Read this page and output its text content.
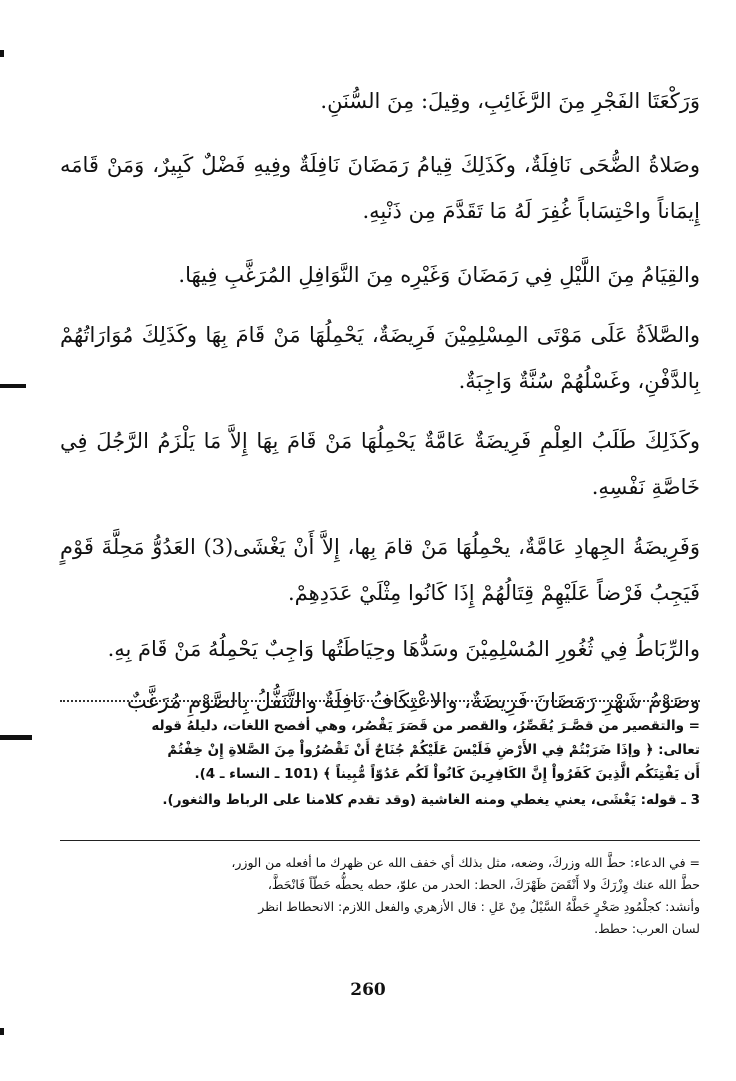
وَرَكْعَتَا الفَجْرِ مِنَ الرَّغَائِبِ، وقِيلَ: مِنَ السُّنَنِ.

وصَلاةُ الضُّحَى نَافِلَةٌ، وكَذَلِكَ قِيامُ رَمَضَانَ نَافِلَةٌ وفِيهِ فَضْلٌ كَبِيرٌ، وَمَنْ قَامَه إِيمَاناً واحْتِسَاباً غُفِرَ لَهُ مَا تَقَدَّمَ مِن ذَنْبِهِ.

والقِيَامُ مِنَ اللَّيْلِ فِي رَمَضَانَ وَغَيْرِه مِنَ النَّوَافِلِ المُرَغَّبِ فِيهَا.

والصَّلاَةُ عَلَى مَوْتَى المِسْلِمِيْنَ فَرِيضَةٌ، يَحْمِلُهَا مَنْ قَامَ بِهَا وكَذَلِكَ مُوَارَاتُهُمْ بِالدَّفْنِ، وغَسْلُهُمْ سُنَّةٌ وَاجِبَةٌ.

وكَذَلِكَ طَلَبُ العِلْمِ فَرِيضَةٌ عَامَّةٌ يَحْمِلُهَا مَنْ قَامَ بِهَا إِلاَّ مَا يَلْزَمُ الرَّجُلَ فِي خَاصَّةِ نَفْسِهِ.

وَفَرِيضَةُ الجِهادِ عَامَّةٌ، يحْمِلُهَا مَنْ قامَ بِها، إِلاَّ أَنْ يَغْشَى(3) العَدُوُّ مَحِلَّةَ قَوْمٍ فَيَجِبُ فَرْضاً عَلَيْهِمْ قِتَالُهُمْ إِذَا كَانُوا مِثْلَيْ عَدَدِهِمْ.

والرِّبَاطُ فِي ثُغُورِ المُسْلِمِيْنَ وسَدُّهَا وحِيَاطَتُها وَاجِبٌ يَحْمِلُهُ مَنْ قَامَ بِهِ.

وصَوْمُ شَهْرِ رَمَضَانَ فَرِيضَةٌ، والاعْتِكَافُ نَافِلَةٌ والتَّنَفُّلُ بِالصَّوْمِ مُرَغَّبٌ

= والتقصير من قصَّـرَ يُقَصِّرُ، والقصر من قَصَرَ يَقْصُر، وهي أفصح اللغات، دليلهُ قوله

تعالى: ﴿ وإذَا ضَرَبْتُمْ فِي الأَرْضِ فَلَيْسَ عَلَيْكُمْ جُنَاحٌ أَنْ تَقْصُرُواْ مِنَ الصَّلاةِ إِنْ خِفْتُمْ

أَن يَفْتِنَكُم الَّذِينَ كَفَرُواْ إِنَّ الكَافِرِينَ كَانُواْ لَكُم عَدُوّاً مُّبِيناً ﴾ (101 ـ النساء ـ 4).

3 ـ قوله: يَغْشَى، يعني يغطي ومنه الغاشية (وقد تقدم كلامنا على الرباط والثغور).

= في الدعاء: حطَّ الله وزركَ، وضعه، مثل بذلك أي خفف الله عن ظهرك ما أفعله من الوزر،

حطَّ الله عنك وِزْرَكَ ولا أَنْقَضَ ظَهْرَكَ، الحط: الحدر من علوّ، حطه يحطُّه حَطّاً فَانْحَطَّ،

وأنشد: كجلْمُودِ صَخْرٍ حَطَّهُ السَّيْلُ مِنْ عَلِ : قال الأزهري والفعل اللازم: الانحطاط انظر

لسان العرب: حطط.

260
